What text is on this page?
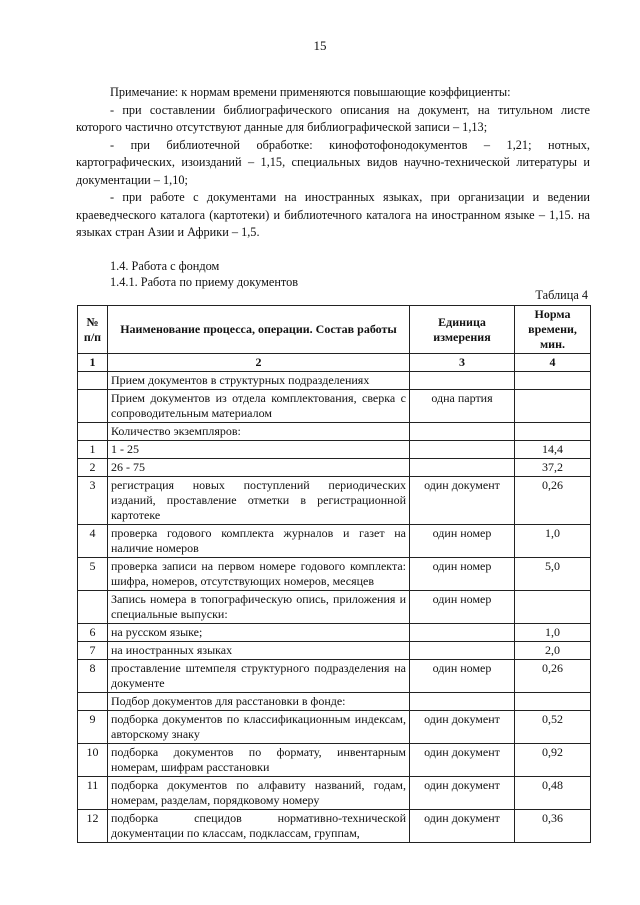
15

Примечание: к нормам времени применяются повышающие коэффициенты:

- при составлении библиографического описания на документ, на титульном листе которого частично отсутствуют данные для библиографической записи – 1,13;

- при библиотечной обработке: кинофотофонодокументов – 1,21; нотных, картографических, изоизданий – 1,15, специальных видов научно-технической литературы и документации – 1,10;

- при работе с документами на иностранных языках, при организации и ведении краеведческого каталога (картотеки) и библиотечного каталога на иностранном языке – 1,15. на языках стран Азии и Африки – 1,5.

1.4. Работа с фондом
1.4.1. Работа по приему документов
Таблица 4
№ п/п	Наименование процесса, операции. Состав работы	Единица измерения	Норма времени, мин.
1	2	3	4
	Прием документов в структурных подразделениях		
	Прием документов из отдела комплектования, сверка с сопроводительным материалом	одна партия	
	Количество экземпляров:		
1	1 - 25		14,4
2	26 - 75		37,2
3	регистрация новых поступлений периодических изданий, проставление отметки в регистрационной картотеке	один документ	0,26
4	проверка годового комплекта журналов и газет на наличие номеров	один номер	1,0
5	проверка записи на первом номере годового комплекта: шифра, номеров, отсутствующих номеров, месяцев	один номер	5,0
	Запись номера в топографическую опись, приложения и специальные выпуски:	один номер	
6	на русском языке;		1,0
7	на иностранных языках		2,0
8	проставление штемпеля структурного подразделения на документе	один номер	0,26
	Подбор документов для расстановки в фонде:		
9	подборка документов по классификационным индексам, авторскому знаку	один документ	0,52
10	подборка документов по формату, инвентарным номерам, шифрам расстановки	один документ	0,92
11	подборка документов по алфавиту названий, годам, номерам, разделам, порядковому номеру	один документ	0,48
12	подборка специдов нормативно-технической документации по классам, подклассам, группам,	один документ	0,36
